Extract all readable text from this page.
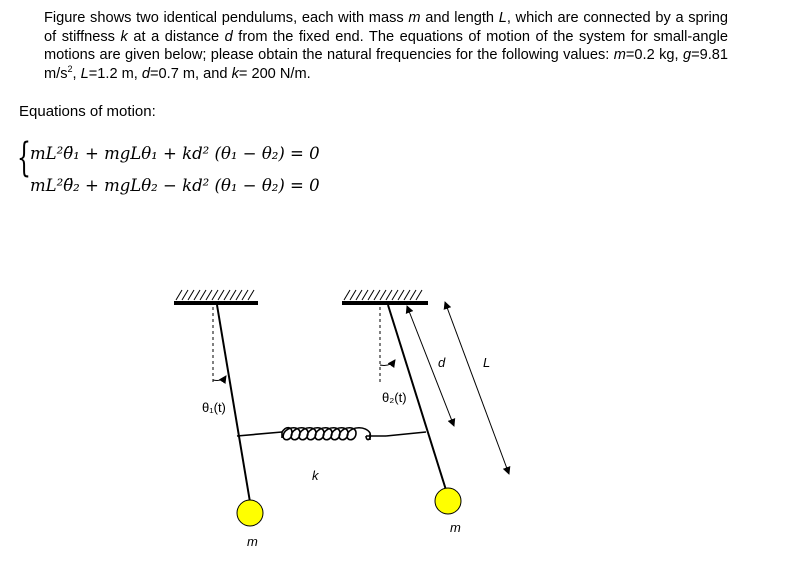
Figure shows two identical pendulums, each with mass m and length L, which are connected by a spring of stiffness k at a distance d from the fixed end. The equations of motion of the system for small-angle motions are given below; please obtain the natural frequencies for the following values: m=0.2 kg, g=9.81 $m/s^2$, L=1.2 m, d=0.7 m, and k= 200 N/m.
Equations of motion:
{ mL²θ̈₁ + mgLθ₁ + kd² (θ₁ − θ₂) = 0
mL²θ̈₂ + mgLθ₂ − kd² (θ₁ − θ₂) = 0
θ₁(t)
θ₂(t)
d	L
k
m
m
